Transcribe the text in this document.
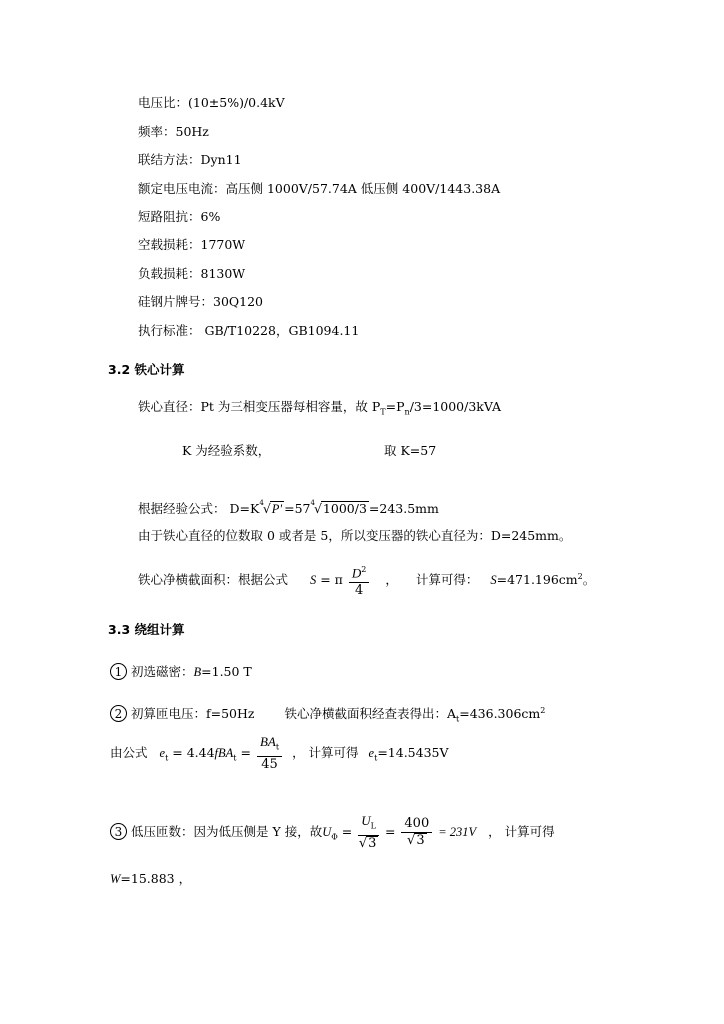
电压比：(10±5%)/0.4kV
频率：50Hz
联结方法：Dyn11
额定电压电流：高压侧 1000V/57.74A 低压侧 400V/1443.38A
短路阻抗：6%
空载损耗：1770W
负载损耗：8130W
硅钢片牌号：30Q120
执行标准： GB/T10228，GB1094.11
3.2 铁心计算
铁心直径：Pt 为三相变压器每相容量，故 $P_T=P_n/3=1000/3kVA$
K 为经验系数，	取 K=57
根据经验公式： $D=K^4√P' =57^4√1000/3 =243.5mm$
由于铁心直径的位数取 0 或者是 5，所以变压器的铁心直径为：D=245mm。
铁心净横截面积：根据公式 S = π $\frac{D^2}{4}$ ， 计算可得： $S=471.196cm^2$。
3.3 绕组计算
1 初选磁密：B=1.50 T
2 初算匝电压：f=50Hz 铁心净横截面积经查表得出：$A_t=436.306cm^2$
由公式 $e_t = 4.44fBA_t = \frac{BA_t}{45}$ ， 计算可得 $e_t=14.5435V$
3 低压匝数：因为低压侧是 Y 接，故$U_\Phi = \frac{U_L}{√3} = \frac{400}{√3} = 231V$ ， 计算可得
W=15.883 ，
